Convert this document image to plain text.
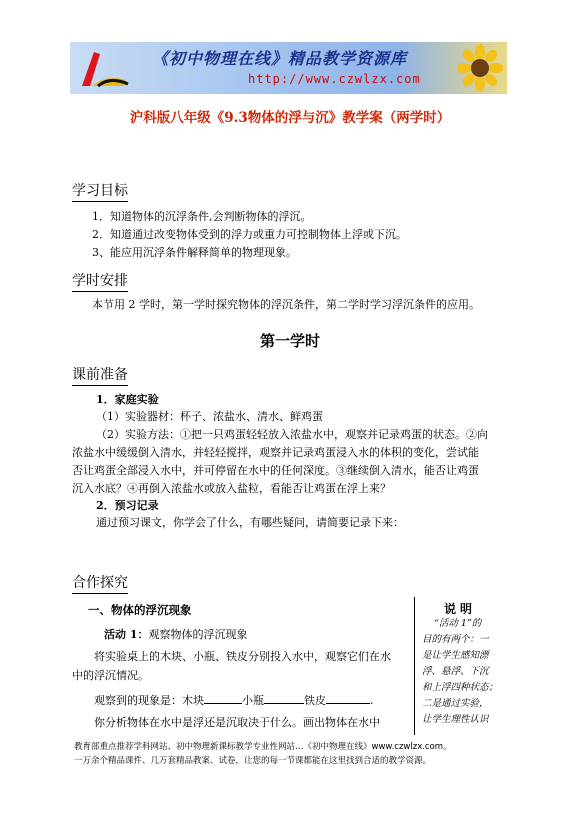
《初中物理在线》精品教学资源库
http://www.czwlzx.com
沪科版八年级《9.3物体的浮与沉》教学案（两学时）
学习目标
1．知道物体的沉浮条件,会判断物体的浮沉。
2．知道通过改变物体受到的浮力或重力可控制物体上浮或下沉。
3、能应用沉浮条件解释简单的物理现象。
学时安排
本节用 2 学时，第一学时探究物体的浮沉条件，第二学时学习浮沉条件的应用。
第一学时
课前准备
1．家庭实验
（1）实验器材：杯子、浓盐水、清水、鲜鸡蛋
（2）实验方法：①把一只鸡蛋轻轻放入浓盐水中，观察并记录鸡蛋的状态。②向
浓盐水中缓缓倒入清水，并轻轻搅拌，观察并记录鸡蛋浸入水的体积的变化，尝试能
否让鸡蛋全部浸入水中，并可停留在水中的任何深度。③继续倒入清水，能否让鸡蛋
沉入水底？④再倒入浓盐水或放入盐粒，看能否让鸡蛋在浮上来？
2．预习记录
通过预习课文，你学会了什么，有哪些疑问，请简要记录下来：
合作探究
一、物体的浮沉现象
活动 1：观察物体的浮沉现象
将实验桌上的木块、小瓶、铁皮分别投入水中，观察它们在水
中的浮沉情况。
观察到的现象是：木块	小瓶	铁皮	.
你分析物体在水中是浮还是沉取决于什么。画出物体在水中
说明
“活动 1”的
目的有两个：一
是让学生感知漂
浮、悬浮、下沉
和上浮四种状态；
二是通过实验，
让学生理性认识
教育部重点推荐学科网站、初中物理新课标教学专业性网站…《初中物理在线》www.czwlzx.com。
一万余个精品课件、几万套精品教案、试卷，让您的每一节课都能在这里找到合适的教学资源。
